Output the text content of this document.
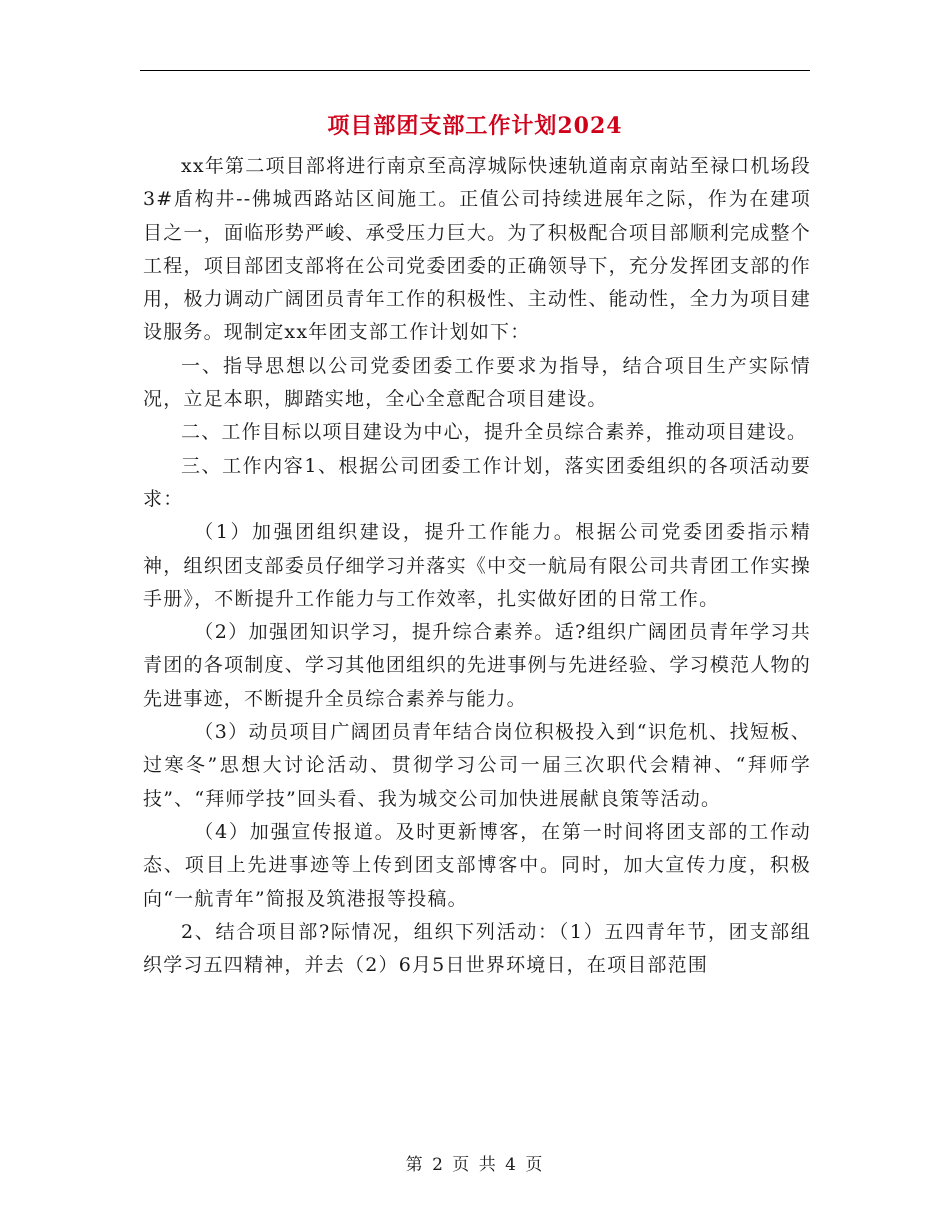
项目部团支部工作计划2024

xx年第二项目部将进行南京至高淳城际快速轨道南京南站至禄口机场段3#盾构井--佛城西路站区间施工。正值公司持续进展年之际，作为在建项目之一，面临形势严峻、承受压力巨大。为了积极配合项目部顺利完成整个工程，项目部团支部将在公司党委团委的正确领导下，充分发挥团支部的作用，极力调动广阔团员青年工作的积极性、主动性、能动性，全力为项目建设服务。现制定xx年团支部工作计划如下：

一、指导思想以公司党委团委工作要求为指导，结合项目生产实际情况，立足本职，脚踏实地，全心全意配合项目建设。

二、工作目标以项目建设为中心，提升全员综合素养，推动项目建设。

三、工作内容1、根据公司团委工作计划，落实团委组织的各项活动要求：

（1）加强团组织建设，提升工作能力。根据公司党委团委指示精神，组织团支部委员仔细学习并落实《中交一航局有限公司共青团工作实操手册》，不断提升工作能力与工作效率，扎实做好团的日常工作。

（2）加强团知识学习，提升综合素养。适?组织广阔团员青年学习共青团的各项制度、学习其他团组织的先进事例与先进经验、学习模范人物的先进事迹，不断提升全员综合素养与能力。

（3）动员项目广阔团员青年结合岗位积极投入到“识危机、找短板、过寒冬”思想大讨论活动、贯彻学习公司一届三次职代会精神、“拜师学技”、“拜师学技”回头看、我为城交公司加快进展献良策等活动。

（4）加强宣传报道。及时更新博客，在第一时间将团支部的工作动态、项目上先进事迹等上传到团支部博客中。同时，加大宣传力度，积极向“一航青年”简报及筑港报等投稿。

2、结合项目部?际情况，组织下列活动：（1）五四青年节，团支部组织学习五四精神，并去（2）6月5日世界环境日，在项目部范围

第 2 页 共 4 页
